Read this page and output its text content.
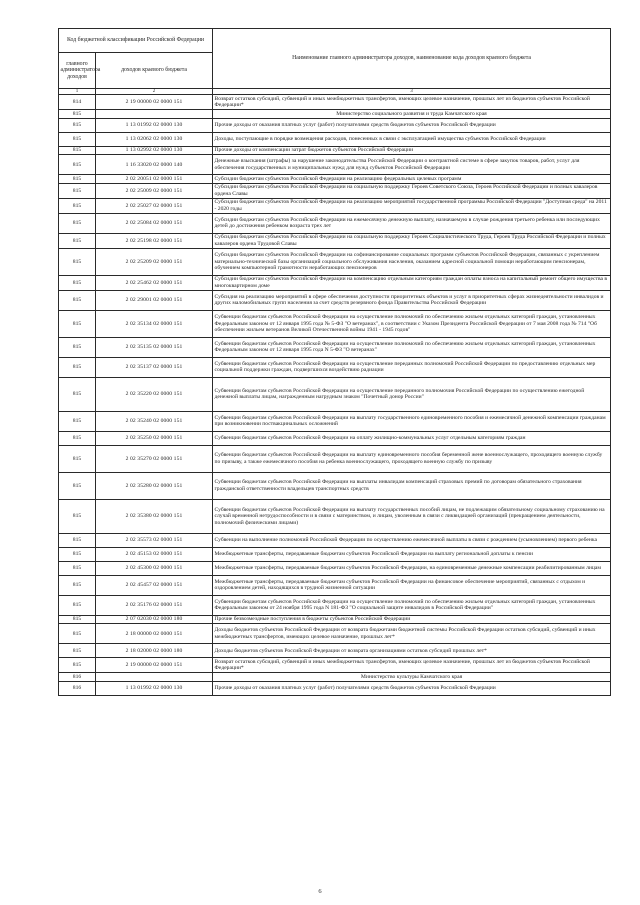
Код бюджетной классификации Российской Федерации		Наименование главного администратора доходов, наименование кода доходов краевого бюджета
главного администратора доходов	доходов краевого бюджета	
1	2	3
814	2 19 00000 02 0000 151	Возврат остатков субсидий, субвенций и иных межбюджетных трансфертов, имеющих целевое назначение, прошлых лет из бюджетов субъектов Российской Федерации*
815		Министерство социального развития и труда Камчатского края
815	1 13 01992 02 0000 130	Прочие доходы от оказания платных услуг (работ) получателями средств бюджетов субъектов Российской Федерации
815	1 13 02062 02 0000 130	Доходы, поступающие в порядке возмещения расходов, понесенных в связи с эксплуатацией имущества субъектов Российской Федерации
815	1 13 02992 02 0000 130	Прочие доходы от компенсации затрат бюджетов субъектов Российской Федерации
815	1 16 33020 02 0000 140	Денежные взыскания (штрафы) за нарушение законодательства Российской Федерации о контрактной системе в сфере закупок товаров, работ, услуг для обеспечения государственных и муниципальных нужд для нужд субъектов Российской Федерации
815	2 02 20051 02 0000 151	Субсидии бюджетам субъектов Российской Федерации на реализацию федеральных целевых программ
815	2 02 25009 02 0000 151	Субсидии бюджетам субъектов Российской Федерации на социальную поддержку Героев Советского Союза, Героев Российской Федерации и полных кавалеров ордена Славы
815	2 02 25027 02 0000 151	Субсидии бюджетам субъектов Российской Федерации на реализацию мероприятий государственной программы Российской Федерации "Доступная среда" на 2011 - 2020 годы
815	2 02 25084 02 0000 151	Субсидии бюджетам субъектов Российской Федерации на ежемесячную денежную выплату, назначаемую в случае рождения третьего ребенка или последующих детей до достижения ребенком возраста трех лет
815	2 02 25198 02 0000 151	Субсидии бюджетам субъектов Российской Федерации на социальную поддержку Героев Социалистического Труда, Героев Труда Российской Федерации и полных кавалеров ордена Трудовой Славы
815	2 02 25209 02 0000 151	Субсидии бюджетам субъектов Российской Федерации на софинансирование социальных программ субъектов Российской Федерации, связанных с укреплением материально-технической базы организаций социального обслуживания населения, оказанием адресной социальной помощи неработающим пенсионерам, обучением компьютерной грамотности неработающих пенсионеров
815	2 02 25462 02 0000 151	Субсидии бюджетам субъектов Российской Федерации на компенсацию отдельным категориям граждан оплаты взноса на капитальный ремонт общего имущества в многоквартирном доме
815	2 02 29001 02 0000 151	Субсидия на реализацию мероприятий в сфере обеспечения доступности приоритетных объектов и услуг в приоритетных сферах жизнедеятельности инвалидов и других маломобильных групп населения за счет средств резервного фонда Правительства Российской Федерации
815	2 02 35134 02 0000 151	Субвенции бюджетам субъектов Российской Федерации на осуществление полномочий по обеспечению жильем отдельных категорий граждан, установленных Федеральным законом от 12 января 1995 года № 5-ФЗ "О ветеранах", в соответствии с Указом Президента Российской Федерации от 7 мая 2008 года № 714 "Об обеспечении жильем ветеранов Великой Отечественной войны 1941 - 1945 годов"
815	2 02 35135 02 0000 151	Субвенции бюджетам субъектов Российской Федерации на осуществление полномочий по обеспечению жильем отдельных категорий граждан, установленных Федеральным законом от 12 января 1995 года N 5-ФЗ "О ветеранах"
815	2 02 35137 02 0000 151	Субвенции бюджетам субъектов Российской Федерации на осуществление переданных полномочий Российской Федерации по предоставлению отдельных мер социальной поддержки граждан, подвергшихся воздействию радиации
815	2 02 35220 02 0000 151	Субвенции бюджетам субъектов Российской Федерации на осуществление переданного полномочия Российской Федерации по осуществлению ежегодной денежной выплаты лицам, награжденным нагрудным знаком "Почетный донор России"
815	2 02 35240 02 0000 151	Субвенции бюджетам субъектов Российской Федерации на выплату государственного единовременного пособия и ежемесячной денежной компенсации гражданам при возникновении поствакцинальных осложнений
815	2 02 35250 02 0000 151	Субвенции бюджетам субъектов Российской Федерации на оплату жилищно-коммунальных услуг отдельным категориям граждан
815	2 02 35270 02 0000 151	Субвенции бюджетам субъектов Российской Федерации на выплату единовременного пособия беременной жене военнослужащего, проходящего военную службу по призыву, а также ежемесячного пособия на ребенка военнослужащего, проходящего военную службу по призыву
815	2 02 35280 02 0000 151	Субвенции бюджетам субъектов Российской Федерации на выплаты инвалидам компенсаций страховых премий по договорам обязательного страхования гражданской ответственности владельцев транспортных средств
815	2 02 35380 02 0000 151	Субвенции бюджетам субъектов Российской Федерации на выплату государственных пособий лицам, не подлежащим обязательному социальному страхованию на случай временной нетрудоспособности и в связи с материнством, и лицам, уволенным в связи с ликвидацией организаций (прекращением деятельности, полномочий физическими лицами)
815	2 02 35573 02 0000 151	Субвенции на выполнение полномочий Российской Федерации по осуществлению ежемесячной выплаты в связи с рождением (усыновлением) первого ребенка
815	2 02 45153 02 0000 151	Межбюджетные трансферты, передаваемые бюджетам субъектов Российской Федерации на выплату региональной доплаты к пенсии
815	2 02 45300 02 0000 151	Межбюджетные трансферты, передаваемые бюджетам субъектов Российской Федерации, на единовременные денежные компенсации реабилитированным лицам
815	2 02 45457 02 0000 151	Межбюджетные трансферты, передаваемые бюджетам субъектов Российской Федерации на финансовое обеспечение мероприятий, связанных с отдыхом и оздоровлением детей, находящихся в трудной жизненной ситуации
815	2 02 35176 02 0000 151	Субвенции бюджетам субъектов Российской Федерации на осуществление полномочий по обеспечению жильем отдельных категорий граждан, установленных Федеральным законом от 24 ноября 1995 года N 181-ФЗ "О социальной защите инвалидов в Российской Федерации"
815	2 07 02030 02 0000 180	Прочие безвозмездные поступления в бюджеты субъектов Российской Федерации
815	2 18 00000 02 0000 151	Доходы бюджетов субъектов Российской Федерации от возврата бюджетами бюджетной системы Российской Федерации остатков субсидий, субвенций и иных межбюджетных трансфертов, имеющих целевое назначение, прошлых лет*
815	2 18 02000 02 0000 180	Доходы бюджетов субъектов Российской Федерации от возврата организациями остатков субсидий прошлых лет*
815	2 19 00000 02 0000 151	Возврат остатков субсидий, субвенций и иных межбюджетных трансфертов, имеющих целевое назначение, прошлых лет из бюджетов субъектов Российской Федерации*
816		Министерство культуры Камчатского края
816	1 13 01992 02 0000 130	Прочие доходы от оказания платных услуг (работ) получателями средств бюджетов субъектов Российской Федерации
6
